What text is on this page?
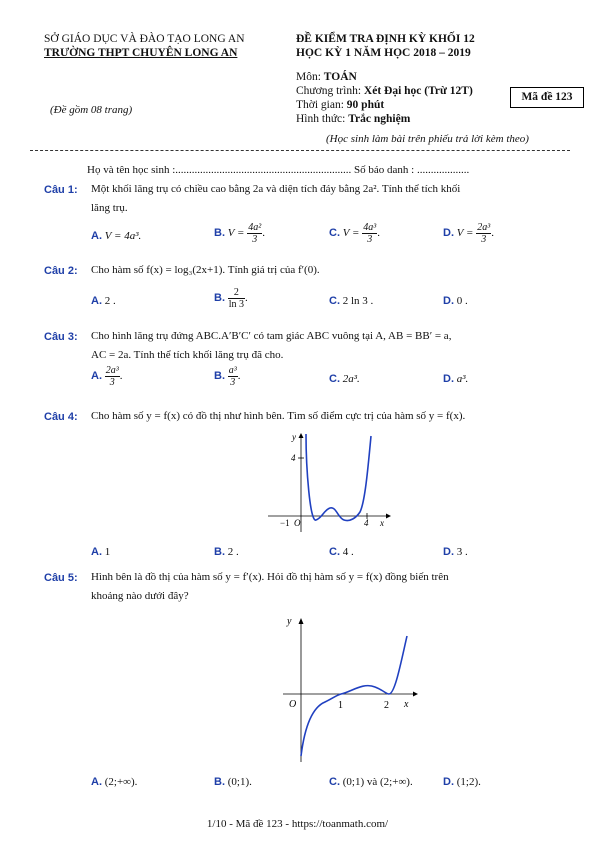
SỞ GIÁO DỤC VÀ ĐÀO TẠO LONG AN
TRƯỜNG THPT CHUYÊN LONG AN
ĐỀ KIỂM TRA ĐỊNH KỲ KHỐI 12
HỌC KỲ 1 NĂM HỌC 2018 – 2019
Môn: TOÁN
Chương trình: Xét Đại học (Trừ 12T)
Thời gian: 90 phút
Hình thức: Trắc nghiệm
Mã đề 123
(Đề gồm 08 trang)
(Học sinh làm bài trên phiếu trả lời kèm theo)
Họ và tên học sinh :................................................................ Số báo danh : ...................
Câu 1: Một khối lăng trụ có chiều cao bằng 2a và diện tích đáy bằng 2a². Tính thể tích khối
lăng trụ.
A. V = 4a³.	B. $V = \frac{\text{4a²}}{3}$ .	C. $V = \frac{\text{4a³}}{3}$ .	D. $V = \frac{\text{2a³}}{3}$ .
Câu 2: Cho hàm số f(x) = log₃(2x+1). Tính giá trị của f′(0).
A. 2 .	B. $\frac{2}{\ln 3}$ .	C. 2 ln 3 .	D. 0 .
Câu 3: Cho hình lăng trụ đứng ABC.A′B′C′ có tam giác ABC vuông tại A, AB = BB′ = a,
AC = 2a. Tính thể tích khối lăng trụ đã cho.
A. $\frac{\text{2a³}}{3}$ .	B. $\frac{\text{a³}}{3}$ .	C. 2a³.	D. a³.
Câu 4: Cho hàm số y = f(x) có đồ thị như hình bên. Tìm số điểm cực trị của hàm số y = f(x).
y
x
4
−1 O	4
A. 1	B. 2 .	C. 4 .	D. 3 .
Câu 5: Hình bên là đồ thị của hàm số y = f′(x). Hỏi đồ thị hàm số y = f(x) đồng biến trên
khoảng nào dưới đây?
y
x
O	1	2
A. (2;+∞).	B. (0;1).	C. (0;1) và (2;+∞).	D. (1;2).
1/10 - Mã đề 123 - https://toanmath.com/
